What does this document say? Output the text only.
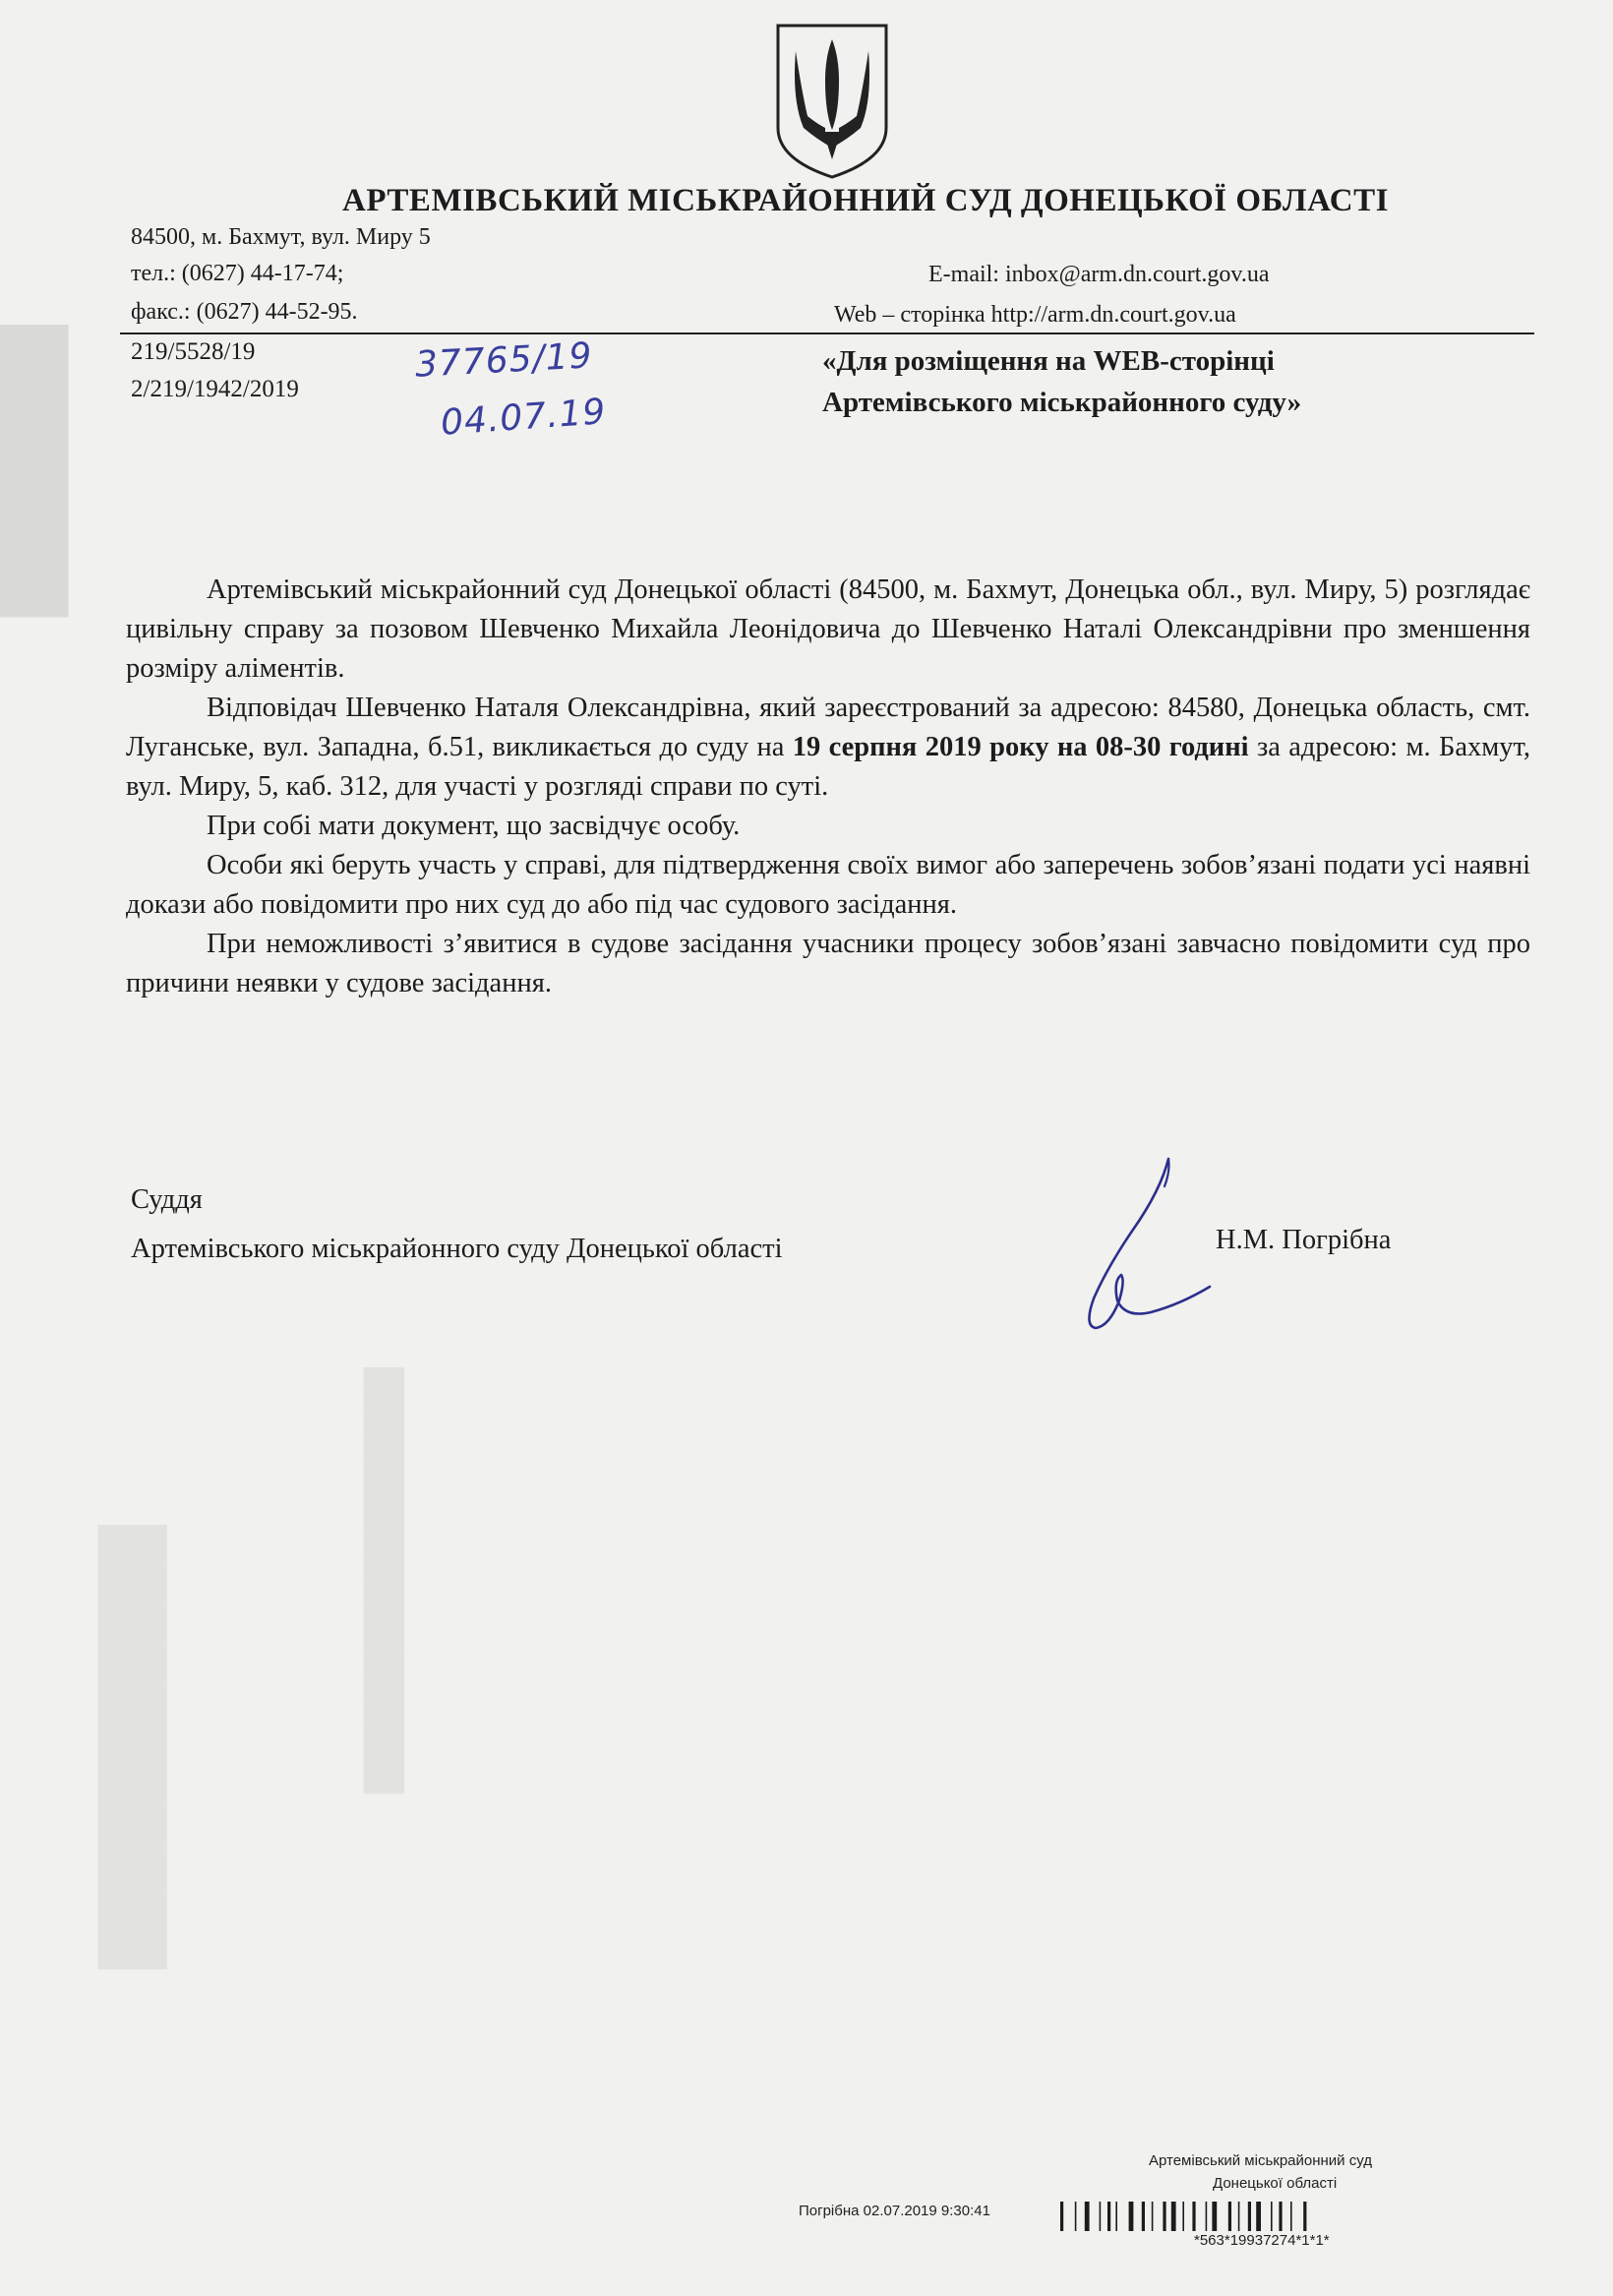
███████
███████████	██████████████████
АРТЕМІВСЬКИЙ МІСЬКРАЙОННИЙ СУД ДОНЕЦЬКОЇ ОБЛАСТІ
84500, м. Бахмут, вул. Миру 5
тел.: (0627) 44-17-74;
факс.: (0627) 44-52-95.
E-mail: inbox@arm.dn.court.gov.ua
Web – сторінка http://arm.dn.court.gov.ua
219/5528/19
2/219/1942/2019
37765/19
04.07.19
«Для розміщення на WEB-сторінці
Артемівського міськрайонного суду»

Артемівський міськрайонний суд Донецької області (84500, м. Бахмут, Донецька обл., вул. Миру, 5) розглядає цивільну справу за позовом Шевченко Михайла Леонідовича до Шевченко Наталі Олександрівни про зменшення розміру аліментів.

Відповідач Шевченко Наталя Олександрівна, який зареєстрований за адресою: 84580, Донецька область, смт. Луганське, вул. Западна, б.51, викликається до суду на 19 серпня 2019 року на 08-30 годині за адресою: м. Бахмут, вул. Миру, 5, каб. 312, для участі у розгляді справи по суті.

При собі мати документ, що засвідчує особу.

Особи які беруть участь у справі, для підтвердження своїх вимог або заперечень зобов’язані подати усі наявні докази або повідомити про них суд до або під час судового засідання.

При неможливості з’явитися в судове засідання учасники процесу зобов’язані завчасно повідомити суд про причини неявки у судове засідання.

Суддя
Артемівського міськрайонного суду Донецької області	Н.М. Погрібна
Артемівський міськрайонний суд
Донецької області
Погрібна 02.07.2019 9:30:41
*563*19937274*1*1*
